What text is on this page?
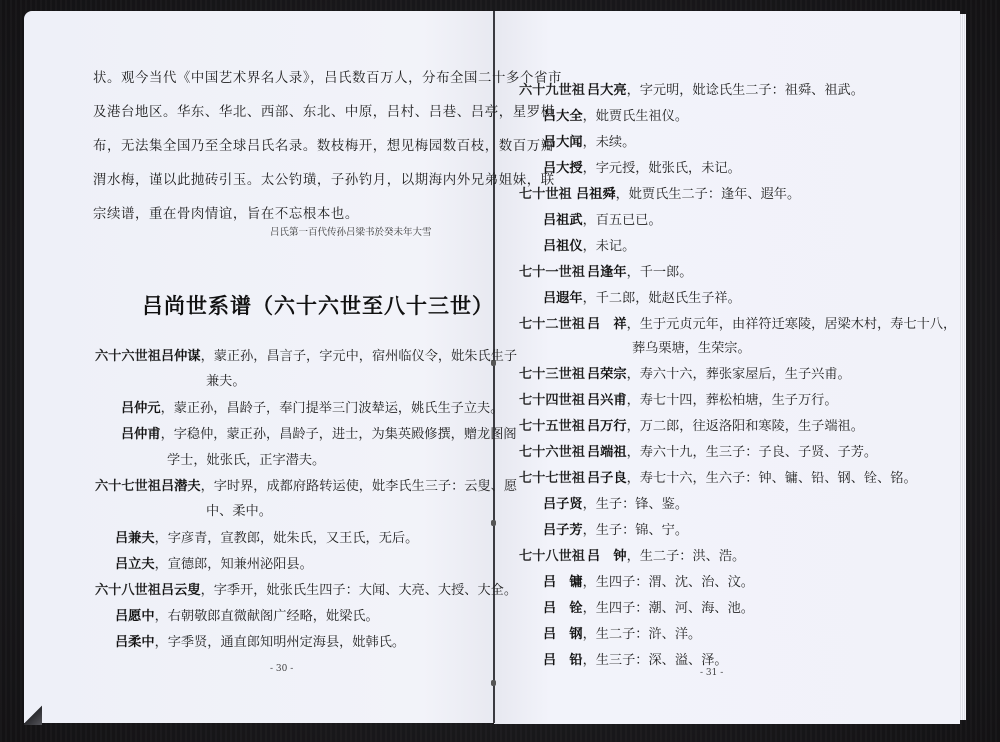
状。观今当代《中国艺术界名人录》，吕氏数百万人，分布全国二十多个省市
及港台地区。华东、华北、西部、东北、中原，吕村、吕巷、吕亭，星罗棋
布，无法集全国乃至全球吕氏名录。数枝梅开，想见梅园数百枝，数百万瓣
渭水梅，谨以此抛砖引玉。太公钓璜，子孙钓月，以期海内外兄弟姐妹，联
宗续谱，重在骨肉情谊，旨在不忘根本也。
吕氏第一百代传孙吕梁书於癸未年大雪
吕尚世系谱（六十六世至八十三世）
六十六世祖吕仲谋，蒙正孙，昌言子，字元中，宿州临仪令，妣朱氏生子
兼夫。
吕仲元，蒙正孙，昌龄子，奉门提举三门波辇运，姚氏生子立夫。
吕仲甫，字稳仲，蒙正孙，昌龄子，进士，为集英殿修撰，赠龙图阁
学士，妣张氏，正字潜夫。
六十七世祖吕潜夫，字时界，成都府路转运使，妣李氏生三子：云叟、愿
中、柔中。
吕兼夫，字彦青，宣教郎，妣朱氏，又王氏，无后。
吕立夫，宣德郎，知兼州泌阳县。
六十八世祖吕云叟，字季开，妣张氏生四子：大闻、大亮、大授、大全。
吕愿中，右朝敬郎直微献阁广经略，妣梁氏。
吕柔中，字季贤，通直郎知明州定海县，妣韩氏。
- 30 -
六十九世祖 吕大亮，字元明，妣谂氏生二子：祖舜、祖武。
吕大全，妣贾氏生祖仪。
吕大闻，未续。
吕大授，字元授，妣张氏，未记。
七十世祖 吕祖舜，妣贾氏生二子：逢年、遐年。
吕祖武，百五已已。
吕祖仪，未记。
七十一世祖 吕逢年，千一郎。
吕遐年，千二郎，妣赵氏生子祥。
七十二世祖 吕　祥，生于元贞元年，由祥符迁寒陵，居梁木村，寿七十八，
葬乌栗塘，生荣宗。
七十三世祖 吕荣宗，寿六十六，葬张家屋后，生子兴甫。
七十四世祖 吕兴甫，寿七十四，葬松柏塘，生子万行。
七十五世祖 吕万行，万二郎，往返洛阳和寒陵，生子端祖。
七十六世祖 吕端祖，寿六十九，生三子：子良、子贤、子芳。
七十七世祖 吕子良，寿七十六，生六子：钟、镛、铅、钢、铨、铭。
吕子贤，生子：锋、鉴。
吕子芳，生子：锦、宁。
七十八世祖 吕　钟，生二子：洪、浩。
吕　镛，生四子：渭、沈、治、汶。
吕　铨，生四子：潮、河、海、池。
吕　钢，生二子：浒、洋。
吕　铅，生三子：深、溢、泽。
- 31 -
